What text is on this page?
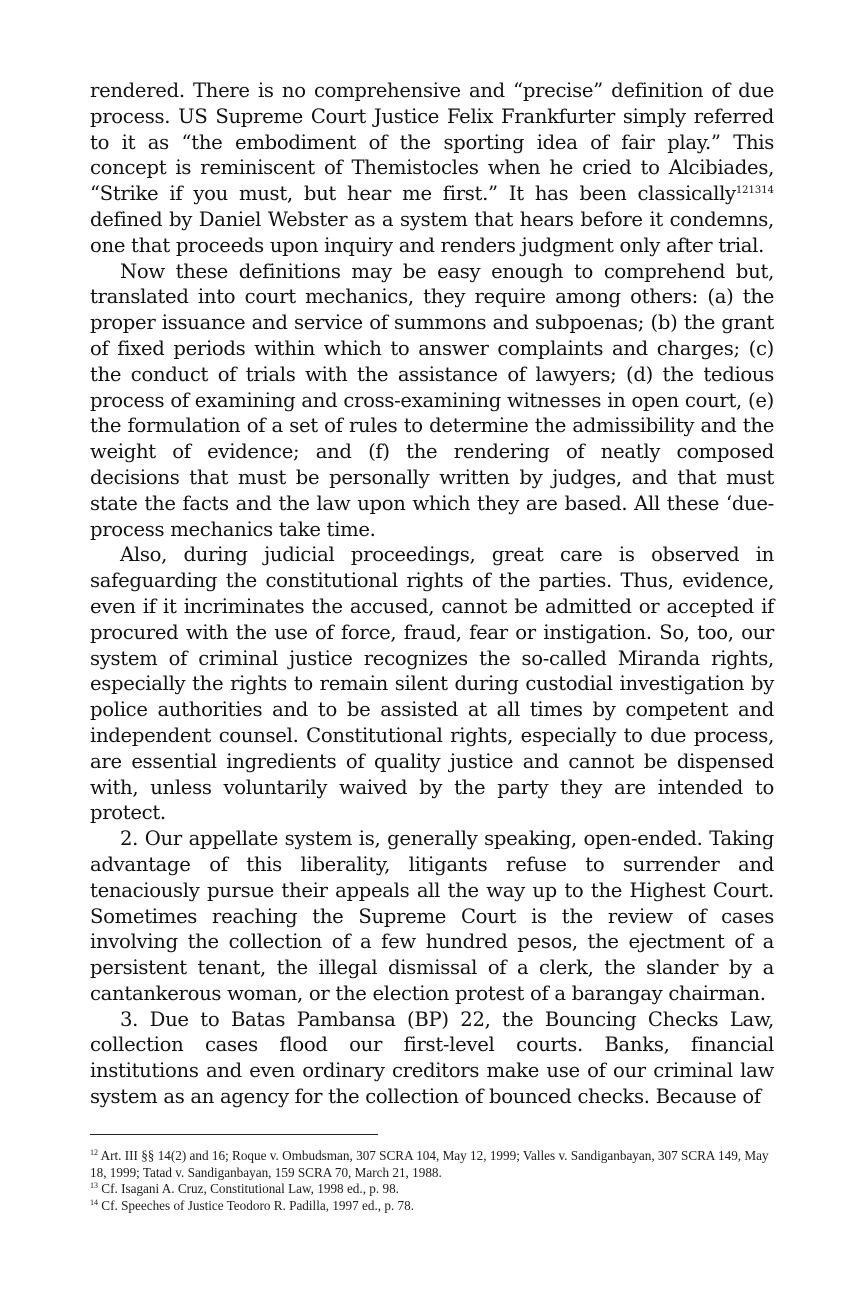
rendered. There is no comprehensive and “precise” definition of due process. US Supreme Court Justice Felix Frankfurter simply referred to it as “the embodiment of the sporting idea of fair play.” This concept is reminiscent of Themistocles when he cried to Alcibiades, “Strike if you must, but hear me first.” It has been classically$^{121314}$ defined by Daniel Webster as a system that hears before it condemns, one that proceeds upon inquiry and renders judgment only after trial.

Now these definitions may be easy enough to comprehend but, translated into court mechanics, they require among others: (a) the proper issuance and service of summons and subpoenas; (b) the grant of fixed periods within which to answer complaints and charges; (c) the conduct of trials with the assistance of lawyers; (d) the tedious process of examining and cross-examining witnesses in open court, (e) the formulation of a set of rules to determine the admissibility and the weight of evidence; and (f) the rendering of neatly composed decisions that must be personally written by judges, and that must state the facts and the law upon which they are based. All these ‘due-process mechanics take time.

Also, during judicial proceedings, great care is observed in safeguarding the constitutional rights of the parties. Thus, evidence, even if it incriminates the accused, cannot be admitted or accepted if procured with the use of force, fraud, fear or instigation. So, too, our system of criminal justice recognizes the so-called Miranda rights, especially the rights to remain silent during custodial investigation by police authorities and to be assisted at all times by competent and independent counsel. Constitutional rights, especially to due process, are essential ingredients of quality justice and cannot be dispensed with, unless voluntarily waived by the party they are intended to protect.

2. Our appellate system is, generally speaking, open-ended. Taking advantage of this liberality, litigants refuse to surrender and tenaciously pursue their appeals all the way up to the Highest Court. Sometimes reaching the Supreme Court is the review of cases involving the collection of a few hundred pesos, the ejectment of a persistent tenant, the illegal dismissal of a clerk, the slander by a cantankerous woman, or the election protest of a barangay chairman.

3. Due to Batas Pambansa (BP) 22, the Bouncing Checks Law, collection cases flood our first-level courts. Banks, financial institutions and even ordinary creditors make use of our criminal law system as an agency for the collection of bounced checks. Because of

$^{12}$ Art. III §§ 14(2) and 16; Roque v. Ombudsman, 307 SCRA 104, May 12, 1999; Valles v. Sandiganbayan, 307 SCRA 149, May 18, 1999; Tatad v. Sandiganbayan, 159 SCRA 70, March 21, 1988.

$^{13}$ Cf. Isagani A. Cruz, Constitutional Law, 1998 ed., p. 98.

$^{14}$ Cf. Speeches of Justice Teodoro R. Padilla, 1997 ed., p. 78.
